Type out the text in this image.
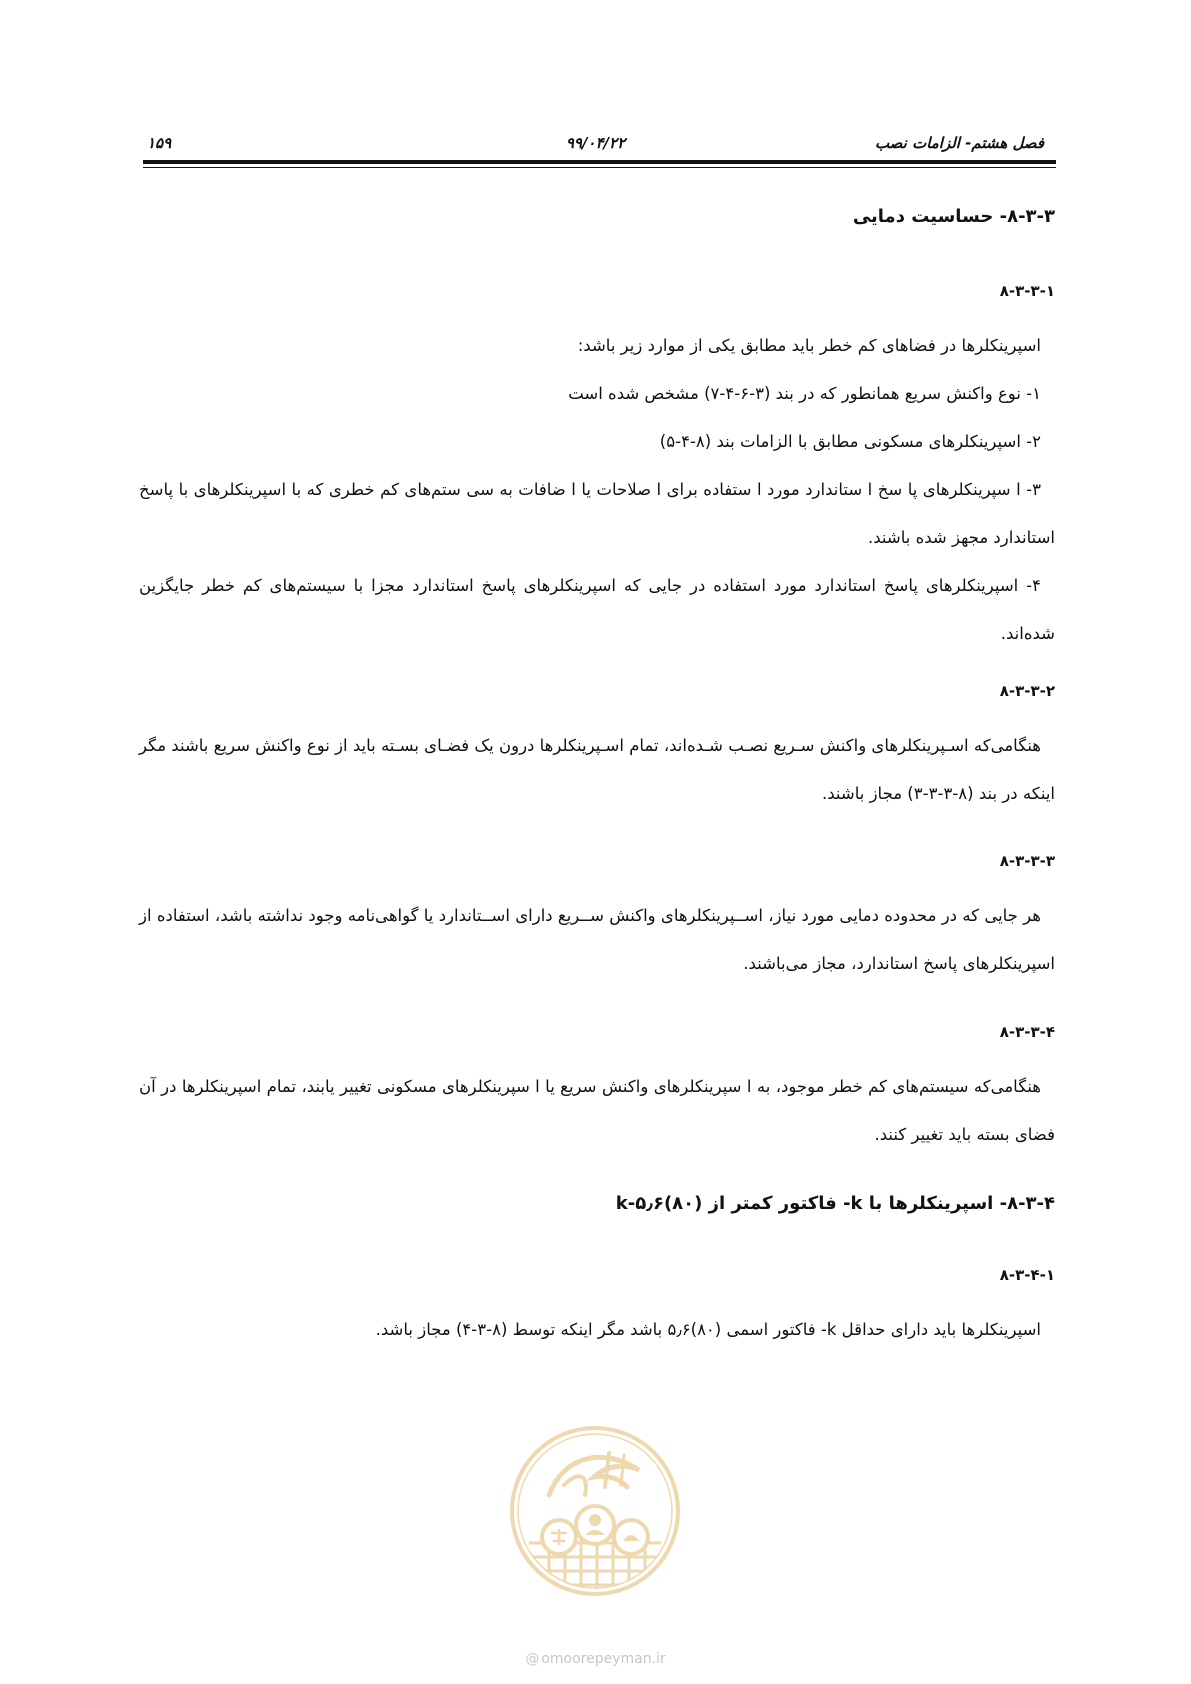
فصل هشتم- الزامات نصب
۹۹/۰۴/۲۲
۱۵۹
۸-۳-۳- حساسیت دمایی
۸-۳-۳-۱
اسپرینکلرها در فضاهای کم خطر باید مطابق یکی از موارد زیر باشد:
۱- نوع واکنش سریع همانطور که در بند (۳-۶-۴-۷) مشخص شده است
۲- اسپرینکلرهای مسکونی مطابق با الزامات بند (۸-۴-۵)
۳- ا سپرینکلرهای پا سخ ا ستاندارد مورد ا ستفاده برای ا صلاحات یا ا ضافات به سی ستم‌های کم خطری که با اسپرینکلرهای با پاسخ استاندارد مجهز شده باشند.
۴- اسپرینکلرهای پاسخ استاندارد مورد استفاده در جایی که اسپرینکلرهای پاسخ استاندارد مجزا با سیستم‌های کم خطر جایگزین شده‌اند.
۸-۳-۳-۲
هنگامی‌که اسـپرینکلرهای واکنش سـریع نصـب شـده‌اند، تمام اسـپرینکلرها درون یک فضـای بسـته باید از نوع واکنش سریع باشند مگر اینکه در بند (۸-۳-۳-۳) مجاز باشند.
۸-۳-۳-۳
هر جایی که در محدوده دمایی مورد نیاز، اســپرینکلرهای واکنش ســریع دارای اســتاندارد یا گواهی‌نامه وجود نداشته باشد، استفاده از اسپرینکلرهای پاسخ استاندارد، مجاز می‌باشند.
۸-۳-۳-۴
هنگامی‌که سیستم‌های کم خطر موجود، به ا سپرینکلرهای واکنش سریع یا ا سپرینکلرهای مسکونی تغییر یابند، تمام اسپرینکلرها در آن فضای بسته باید تغییر کنند.
۸-۳-۴- اسپرینکلرها با k- فاکتور کمتر از (۸۰)k-۵٫۶
۸-۳-۴-۱
اسپرینکلرها باید دارای حداقل k- فاکتور اسمی (۸۰)۵٫۶ باشد مگر اینکه توسط (۸-۳-۴) مجاز باشد.
@ omoorepeyman.ir
